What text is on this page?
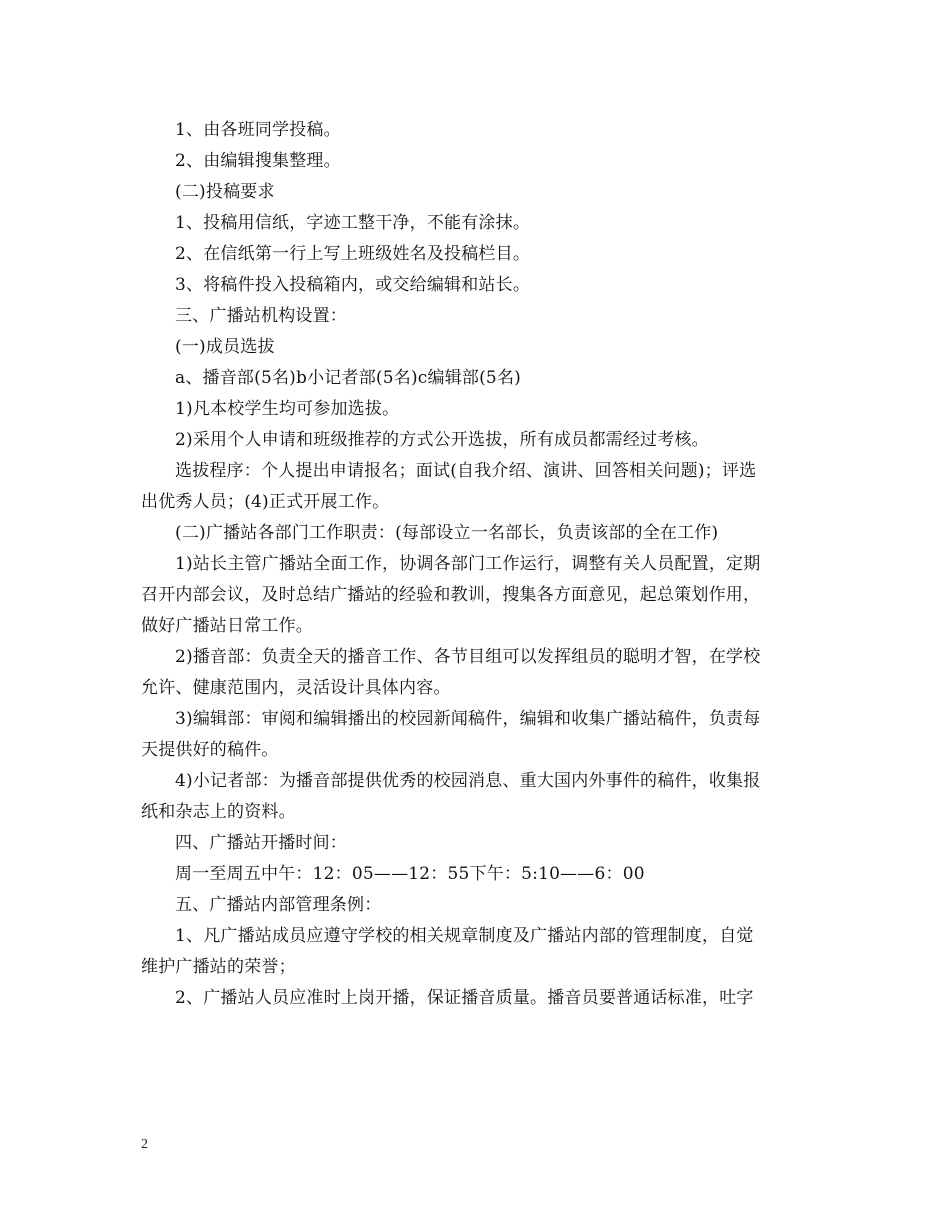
1、由各班同学投稿。

2、由编辑搜集整理。

(二)投稿要求

1、投稿用信纸，字迹工整干净，不能有涂抹。

2、在信纸第一行上写上班级姓名及投稿栏目。

3、将稿件投入投稿箱内，或交给编辑和站长。

三、广播站机构设置：

(一)成员选拔

a、播音部(5名)b小记者部(5名)c编辑部(5名)

1)凡本校学生均可参加选拔。

2)采用个人申请和班级推荐的方式公开选拔，所有成员都需经过考核。

选拔程序：个人提出申请报名；面试(自我介绍、演讲、回答相关问题)；评选

出优秀人员；(4)正式开展工作。

(二)广播站各部门工作职责：(每部设立一名部长，负责该部的全在工作)

1)站长主管广播站全面工作，协调各部门工作运行，调整有关人员配置，定期

召开内部会议，及时总结广播站的经验和教训，搜集各方面意见，起总策划作用，

做好广播站日常工作。

2)播音部：负责全天的播音工作、各节目组可以发挥组员的聪明才智，在学校

允许、健康范围内，灵活设计具体内容。

3)编辑部：审阅和编辑播出的校园新闻稿件，编辑和收集广播站稿件，负责每

天提供好的稿件。

4)小记者部：为播音部提供优秀的校园消息、重大国内外事件的稿件，收集报

纸和杂志上的资料。

四、广播站开播时间：

周一至周五中午：12：05——12：55下午：5:10——6：00

五、广播站内部管理条例：

1、凡广播站成员应遵守学校的相关规章制度及广播站内部的管理制度，自觉

维护广播站的荣誉；

2、广播站人员应准时上岗开播，保证播音质量。播音员要普通话标准，吐字

2
